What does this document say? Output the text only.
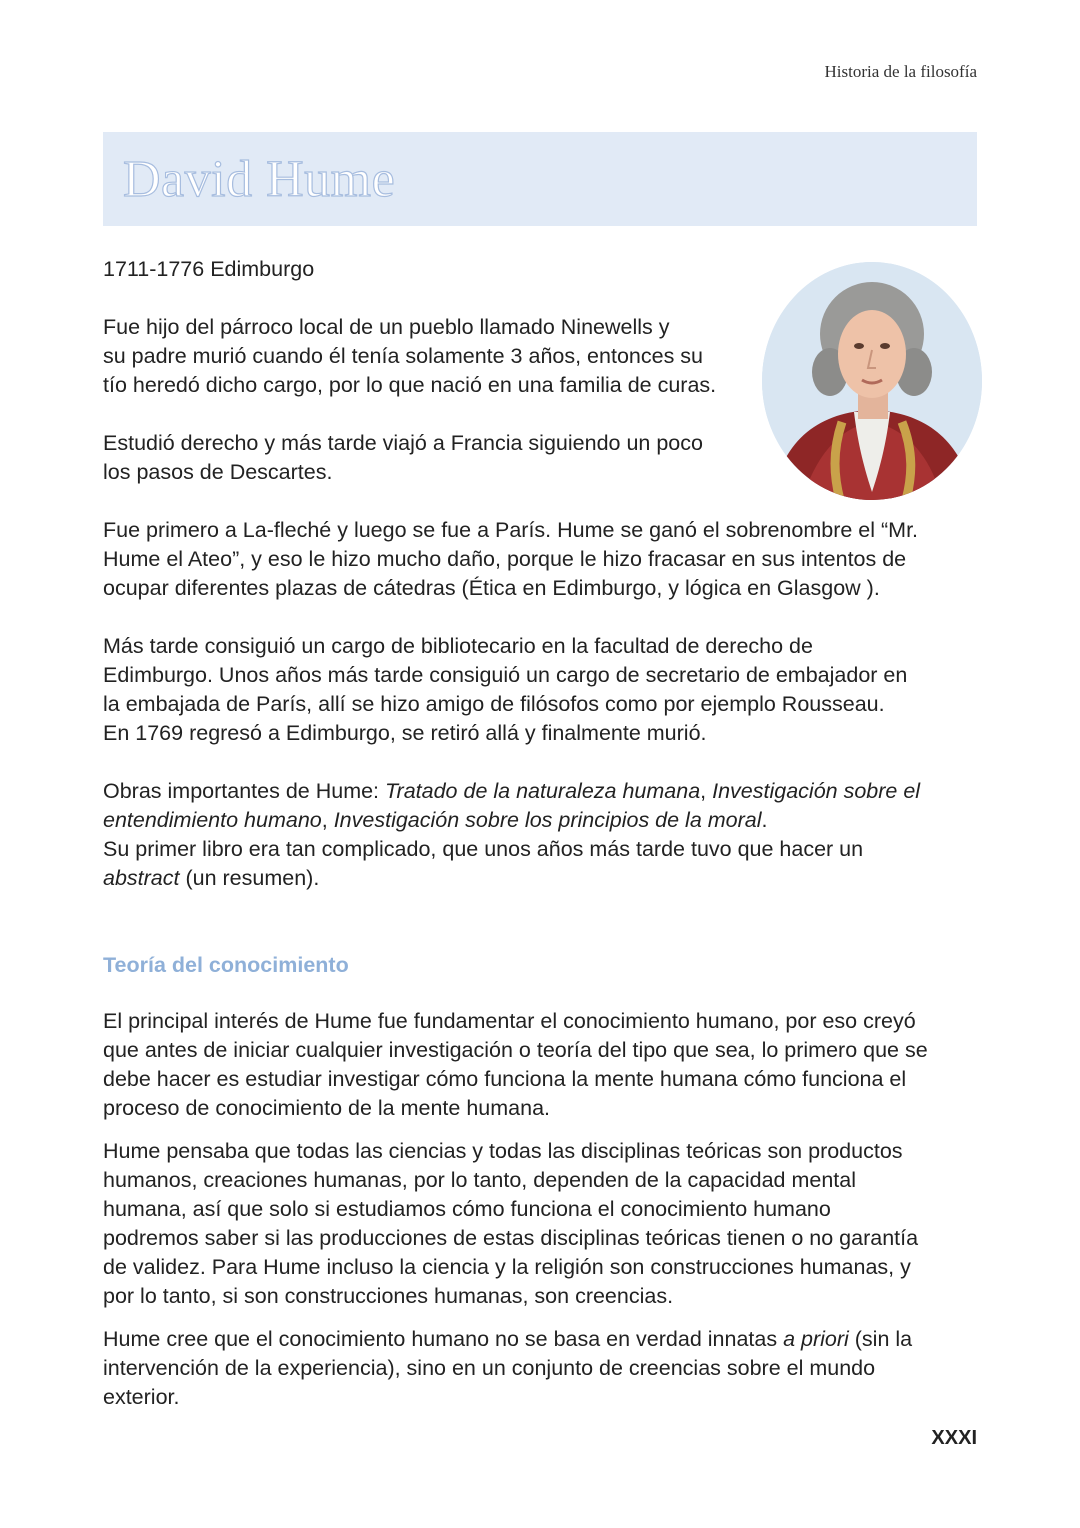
Historia de la filosofía
David Hume

1711-1776 Edimburgo

Fue hijo del párroco local de un pueblo llamado Ninewells y
su padre murió cuando él tenía solamente 3 años, entonces su
tío heredó dicho cargo, por lo que nació en una familia de curas.

Estudió derecho y más tarde viajó a Francia siguiendo un poco
los pasos de Descartes.

Fue primero a La-fleché y luego se fue a París. Hume se ganó el sobrenombre el “Mr.
Hume el Ateo”, y eso le hizo mucho daño, porque le hizo fracasar en sus intentos de
ocupar diferentes plazas de cátedras (Ética en Edimburgo, y lógica en Glasgow ).

Más tarde consiguió un cargo de bibliotecario en la facultad de derecho de
Edimburgo. Unos años más tarde consiguió un cargo de secretario de embajador en
la embajada de París, allí se hizo amigo de filósofos como por ejemplo Rousseau.
En 1769 regresó a Edimburgo, se retiró allá y finalmente murió.

Obras importantes de Hume: Tratado de la naturaleza humana, Investigación sobre el
entendimiento humano, Investigación sobre los principios de la moral.
Su primer libro era tan complicado, que unos años más tarde tuvo que hacer un
abstract (un resumen).

Teoría del conocimiento

El principal interés de Hume fue fundamentar el conocimiento humano, por eso creyó
que antes de iniciar cualquier investigación o teoría del tipo que sea, lo primero que se
debe hacer es estudiar investigar cómo funciona la mente humana cómo funciona el
proceso de conocimiento de la mente humana.

Hume pensaba que todas las ciencias y todas las disciplinas teóricas son productos
humanos, creaciones humanas, por lo tanto, dependen de la capacidad mental
humana, así que solo si estudiamos cómo funciona el conocimiento humano
podremos saber si las producciones de estas disciplinas teóricas tienen o no garantía
de validez. Para Hume incluso la ciencia y la religión son construcciones humanas, y
por lo tanto, si son construcciones humanas, son creencias.

Hume cree que el conocimiento humano no se basa en verdad innatas a priori (sin la
intervención de la experiencia), sino en un conjunto de creencias sobre el mundo
exterior.

XXXI
